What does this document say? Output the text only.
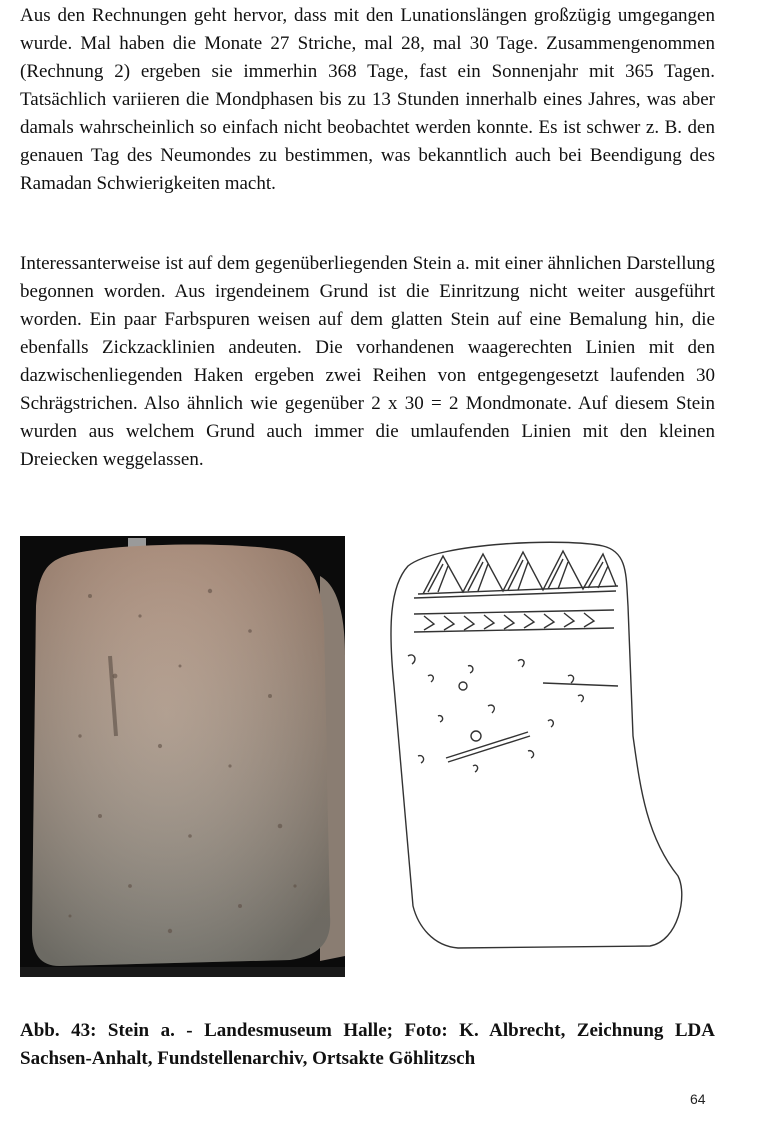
Aus den Rechnungen geht hervor, dass mit den Lunationslängen großzügig umgegangen wurde. Mal haben die Monate 27 Striche, mal 28, mal 30 Tage. Zusammengenommen (Rechnung 2) ergeben sie immerhin 368 Tage, fast ein Sonnenjahr mit 365 Tagen. Tatsächlich variieren die Mondphasen bis zu 13 Stunden innerhalb eines Jahres, was aber damals wahrscheinlich so einfach nicht beobachtet werden konnte. Es ist schwer z. B. den genauen Tag des Neumondes zu bestimmen, was bekanntlich auch bei Beendigung des Ramadan Schwierigkeiten macht.

Interessanterweise ist auf dem gegenüberliegenden Stein a. mit einer ähnlichen Darstellung begonnen worden. Aus irgendeinem Grund ist die Einritzung nicht weiter ausgeführt worden. Ein paar Farbspuren weisen auf dem glatten Stein auf eine Bemalung hin, die ebenfalls Zickzacklinien andeuten. Die vorhandenen waagerechten Linien mit den dazwischenliegenden Haken ergeben zwei Reihen von entgegengesetzt laufenden 30 Schrägstrichen. Also ähnlich wie gegenüber 2 x 30 = 2 Mondmonate. Auf diesem Stein wurden aus welchem Grund auch immer die umlaufenden Linien mit den kleinen Dreiecken weggelassen.

Abb. 43: Stein a. - Landesmuseum Halle; Foto: K. Albrecht, Zeichnung LDA Sachsen-Anhalt, Fundstellenarchiv, Ortsakte Göhlitzsch

64
